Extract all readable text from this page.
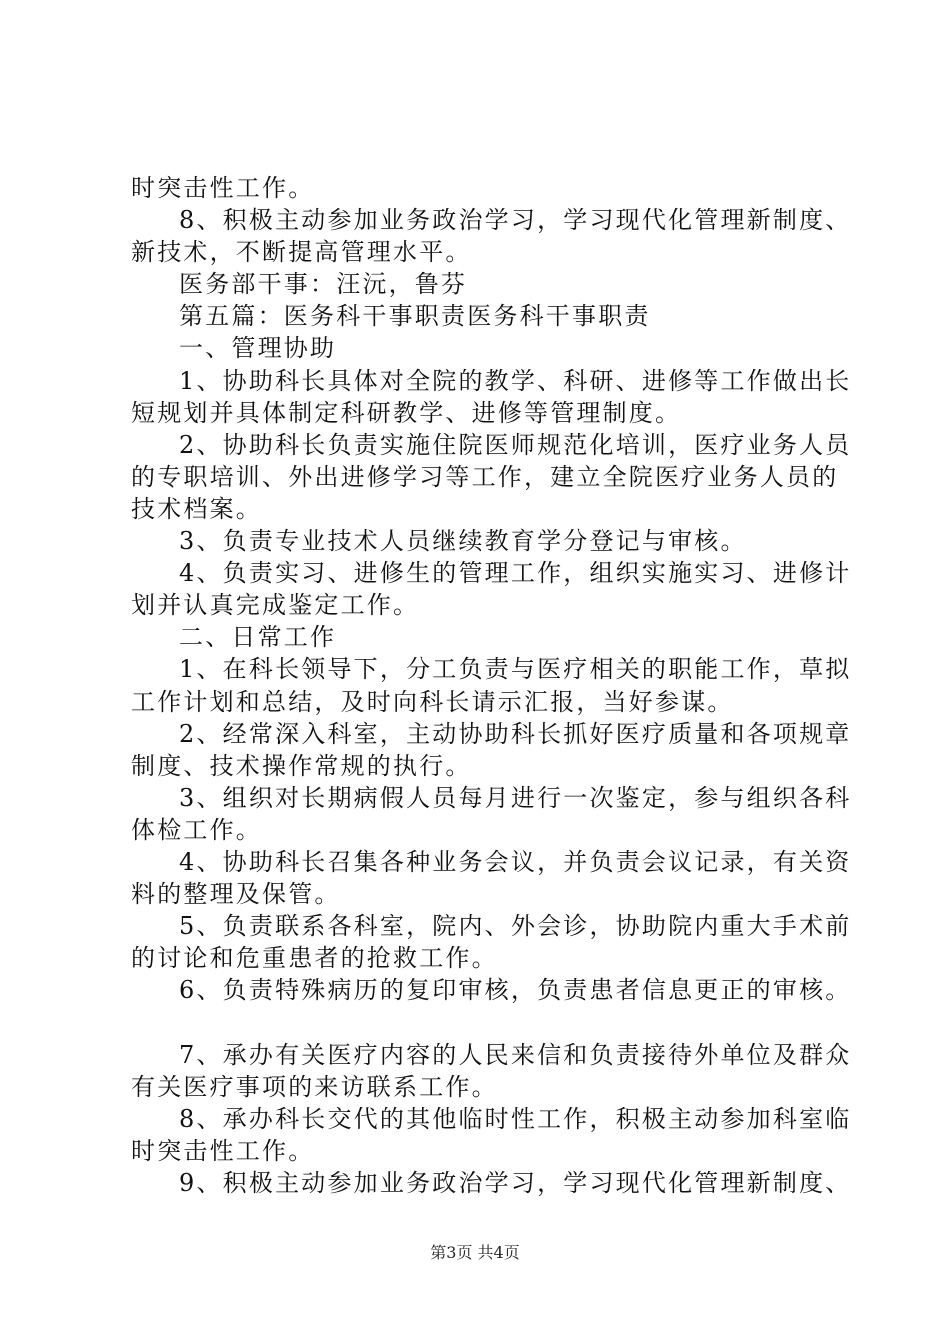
时突击性工作。
8、积极主动参加业务政治学习，学习现代化管理新制度、
新技术，不断提高管理水平。
医务部干事：汪沅，鲁芬
第五篇：医务科干事职责医务科干事职责
一、管理协助
1、协助科长具体对全院的教学、科研、进修等工作做出长
短规划并具体制定科研教学、进修等管理制度。
2、协助科长负责实施住院医师规范化培训，医疗业务人员
的专职培训、外出进修学习等工作，建立全院医疗业务人员的
技术档案。
3、负责专业技术人员继续教育学分登记与审核。
4、负责实习、进修生的管理工作，组织实施实习、进修计
划并认真完成鉴定工作。
二、日常工作
1、在科长领导下，分工负责与医疗相关的职能工作，草拟
工作计划和总结，及时向科长请示汇报，当好参谋。
2、经常深入科室，主动协助科长抓好医疗质量和各项规章
制度、技术操作常规的执行。
3、组织对长期病假人员每月进行一次鉴定，参与组织各科
体检工作。
4、协助科长召集各种业务会议，并负责会议记录，有关资
料的整理及保管。
5、负责联系各科室，院内、外会诊，协助院内重大手术前
的讨论和危重患者的抢救工作。
6、负责特殊病历的复印审核，负责患者信息更正的审核。
7、承办有关医疗内容的人民来信和负责接待外单位及群众
有关医疗事项的来访联系工作。
8、承办科长交代的其他临时性工作，积极主动参加科室临
时突击性工作。
9、积极主动参加业务政治学习，学习现代化管理新制度、
第3页 共4页
